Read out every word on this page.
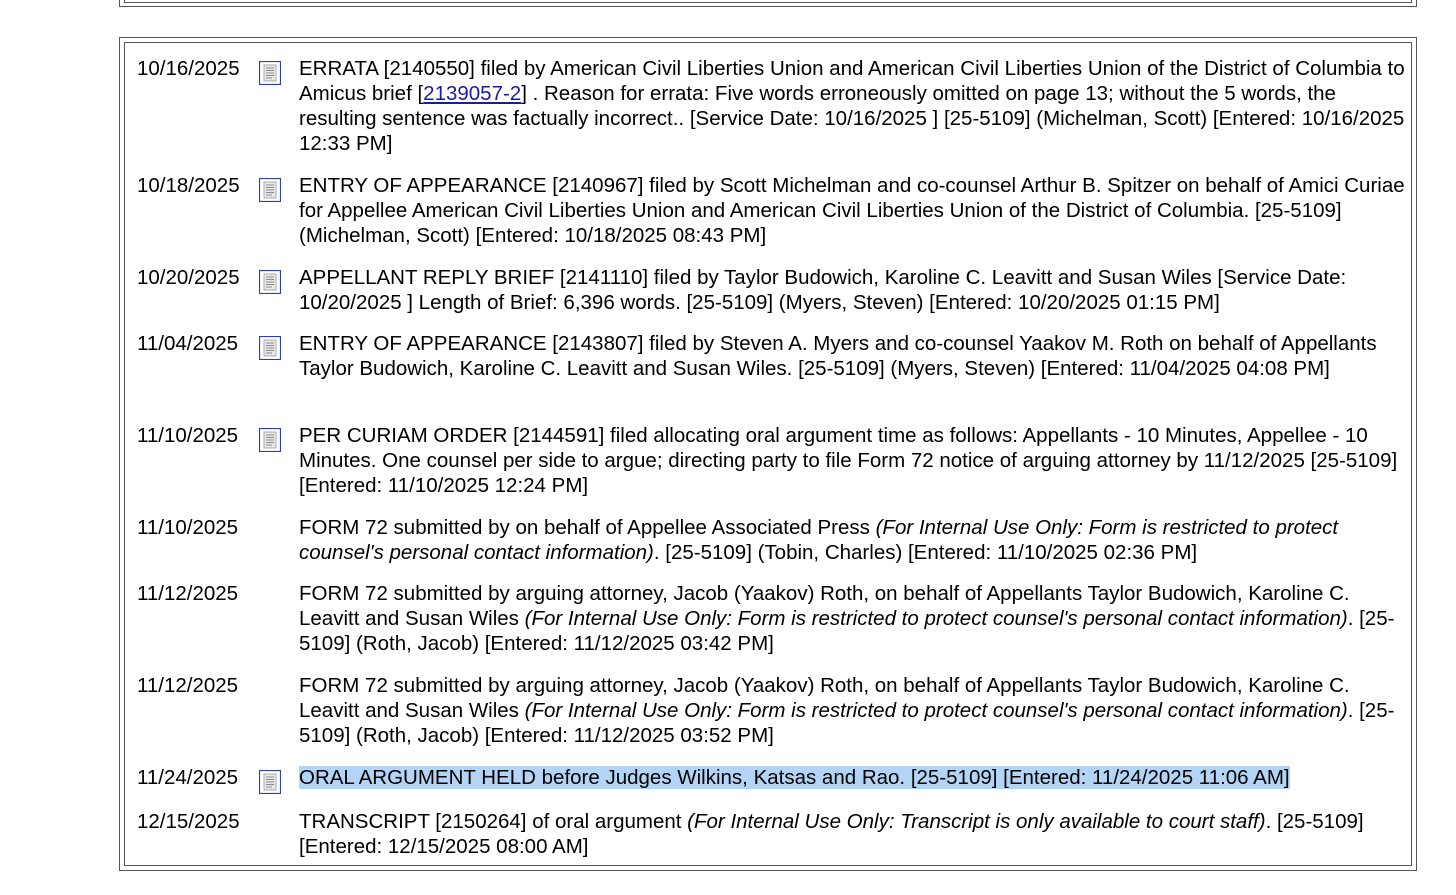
10/16/2025	ERRATA [2140550] filed by American Civil Liberties Union and American Civil Liberties Union of the District of Columbia to Amicus brief [2139057-2] . Reason for errata: Five words erroneously omitted on page 13; without the 5 words, the resulting sentence was factually incorrect.. [Service Date: 10/16/2025 ] [25-5109] (Michelman, Scott) [Entered: 10/16/2025 12:33 PM]
10/18/2025	ENTRY OF APPEARANCE [2140967] filed by Scott Michelman and co-counsel Arthur B. Spitzer on behalf of Amici Curiae for Appellee American Civil Liberties Union and American Civil Liberties Union of the District of Columbia. [25-5109] (Michelman, Scott) [Entered: 10/18/2025 08:43 PM]
10/20/2025	APPELLANT REPLY BRIEF [2141110] filed by Taylor Budowich, Karoline C. Leavitt and Susan Wiles [Service Date: 10/20/2025 ] Length of Brief: 6,396 words. [25-5109] (Myers, Steven) [Entered: 10/20/2025 01:15 PM]
11/04/2025	ENTRY OF APPEARANCE [2143807] filed by Steven A. Myers and co-counsel Yaakov M. Roth on behalf of Appellants Taylor Budowich, Karoline C. Leavitt and Susan Wiles. [25-5109] (Myers, Steven) [Entered: 11/04/2025 04:08 PM]
11/10/2025	PER CURIAM ORDER [2144591] filed allocating oral argument time as follows: Appellants - 10 Minutes, Appellee - 10 Minutes. One counsel per side to argue; directing party to file Form 72 notice of arguing attorney by 11/12/2025 [25-5109] [Entered: 11/10/2025 12:24 PM]
11/10/2025	FORM 72 submitted by on behalf of Appellee Associated Press (For Internal Use Only: Form is restricted to protect counsel's personal contact information). [25-5109] (Tobin, Charles) [Entered: 11/10/2025 02:36 PM]
11/12/2025	FORM 72 submitted by arguing attorney, Jacob (Yaakov) Roth, on behalf of Appellants Taylor Budowich, Karoline C. Leavitt and Susan Wiles (For Internal Use Only: Form is restricted to protect counsel's personal contact information). [25-5109] (Roth, Jacob) [Entered: 11/12/2025 03:42 PM]
11/12/2025	FORM 72 submitted by arguing attorney, Jacob (Yaakov) Roth, on behalf of Appellants Taylor Budowich, Karoline C. Leavitt and Susan Wiles (For Internal Use Only: Form is restricted to protect counsel's personal contact information). [25-5109] (Roth, Jacob) [Entered: 11/12/2025 03:52 PM]
11/24/2025	ORAL ARGUMENT HELD before Judges Wilkins, Katsas and Rao. [25-5109] [Entered: 11/24/2025 11:06 AM]
12/15/2025	TRANSCRIPT [2150264] of oral argument (For Internal Use Only: Transcript is only available to court staff). [25-5109] [Entered: 12/15/2025 08:00 AM]
